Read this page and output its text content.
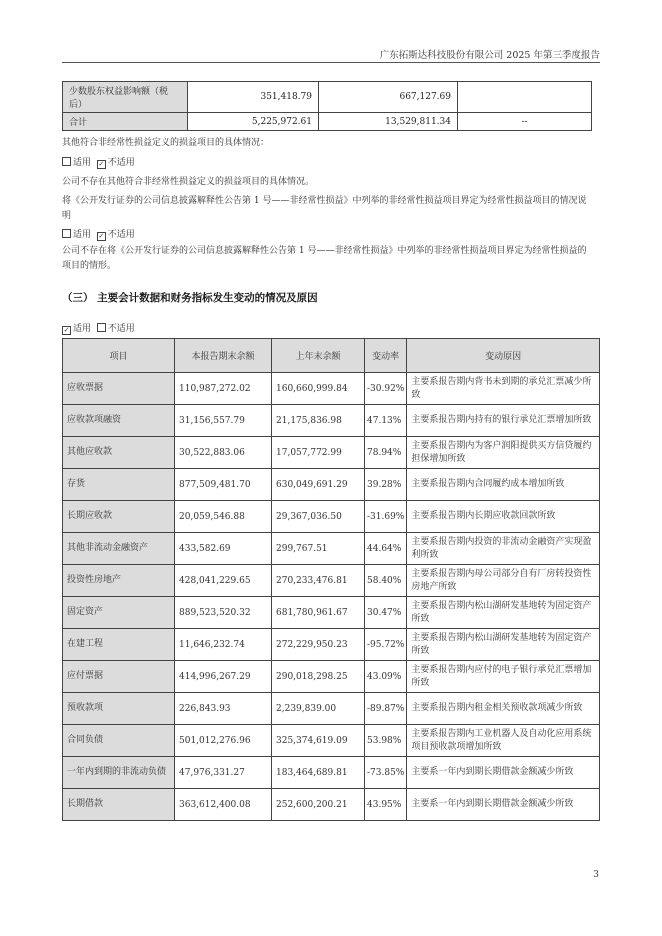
广东拓斯达科技股份有限公司 2025 年第三季度报告
少数股东权益影响额（税后）	351,418.79	667,127.69	
合计	5,225,972.61	13,529,811.34	--
其他符合非经常性损益定义的损益项目的具体情况：
适用 ✓ 不适用
公司不存在其他符合非经常性损益定义的损益项目的具体情况。
将《公开发行证券的公司信息披露解释性公告第 1 号——非经常性损益》中列举的非经常性损益项目界定为经常性损益项目的情况说明
适用 ✓ 不适用
公司不存在将《公开发行证券的公司信息披露解释性公告第 1 号——非经常性损益》中列举的非经常性损益项目界定为经常性损益的项目的情形。
（三） 主要会计数据和财务指标发生变动的情况及原因
✓ 适用 不适用
项目	本报告期末余额	上年末余额	变动率	变动原因
应收票据	110,987,272.02	160,660,999.84	-30.92%	主要系报告期内背书未到期的承兑汇票减少所致
应收款项融资	31,156,557.79	21,175,836.98	47.13%	主要系报告期内持有的银行承兑汇票增加所致
其他应收款	30,522,883.06	17,057,772.99	78.94%	主要系报告期内为客户润阳提供买方信贷履约担保增加所致
存货	877,509,481.70	630,049,691.29	39.28%	主要系报告期内合同履约成本增加所致
长期应收款	20,059,546.88	29,367,036.50	-31.69%	主要系报告期内长期应收款回款所致
其他非流动金融资产	433,582.69	299,767.51	44.64%	主要系报告期内投资的非流动金融资产实现盈利所致
投资性房地产	428,041,229.65	270,233,476.81	58.40%	主要系报告期内母公司部分自有厂房转投资性房地产所致
固定资产	889,523,520.32	681,780,961.67	30.47%	主要系报告期内松山湖研发基地转为固定资产所致
在建工程	11,646,232.74	272,229,950.23	-95.72%	主要系报告期内松山湖研发基地转为固定资产所致
应付票据	414,996,267.29	290,018,298.25	43.09%	主要系报告期内应付的电子银行承兑汇票增加所致
预收款项	226,843.93	2,239,839.00	-89.87%	主要系报告期内租金相关预收款项减少所致
合同负债	501,012,276.96	325,374,619.09	53.98%	主要系报告期内工业机器人及自动化应用系统项目预收款项增加所致
一年内到期的非流动负债	47,976,331.27	183,464,689.81	-73.85%	主要系一年内到期长期借款金额减少所致
长期借款	363,612,400.08	252,600,200.21	43.95%	主要系一年内到期长期借款金额减少所致
3
